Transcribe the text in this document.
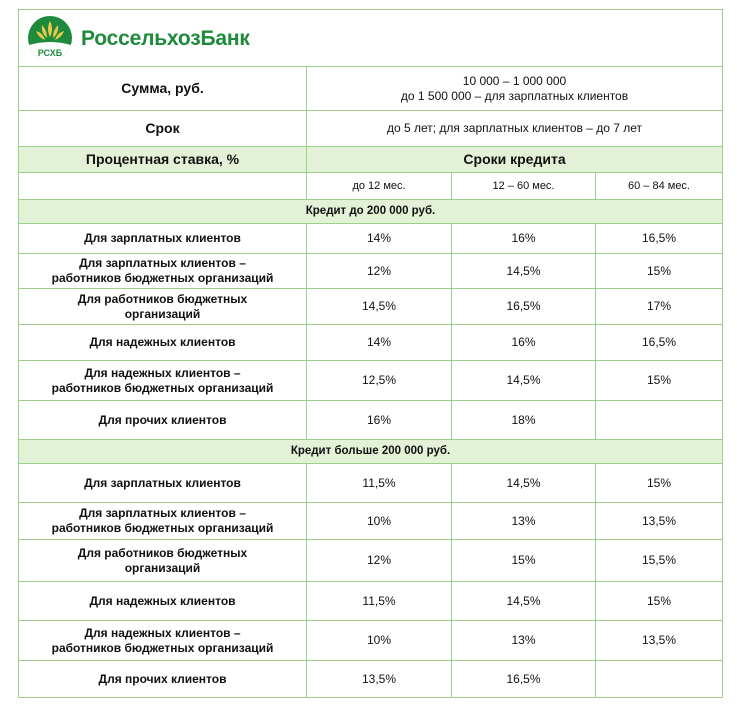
РСХБ
РоссельхозБанк			

Сумма, руб.	10 000 – 1 000 000
до 1 500 000 – для зарплатных клиентов		

Срок	до 5 лет; для зарплатных клиентов – до 7 лет		
Процентная ставка, %	Сроки кредита		
	до 12 мес.	12 – 60 мес.	60 – 84 мес.
Кредит до 200 000 руб.			

Для зарплатных клиентов	14%	16%	16,5%

Для зарплатных клиентов –
работников бюджетных организаций	12%	14,5%	15%

Для работников бюджетных
организаций	14,5%	16,5%	17%

Для надежных клиентов	14%	16%	16,5%

Для надежных клиентов –
работников бюджетных организаций	12,5%	14,5%	15%

Для прочих клиентов	16%	18%	
Кредит больше 200 000 руб.			

Для зарплатных клиентов	11,5%	14,5%	15%

Для зарплатных клиентов –
работников бюджетных организаций	10%	13%	13,5%

Для работников бюджетных
организаций	12%	15%	15,5%

Для надежных клиентов	11,5%	14,5%	15%

Для надежных клиентов –
работников бюджетных организаций	10%	13%	13,5%

Для прочих клиентов	13,5%	16,5%	
